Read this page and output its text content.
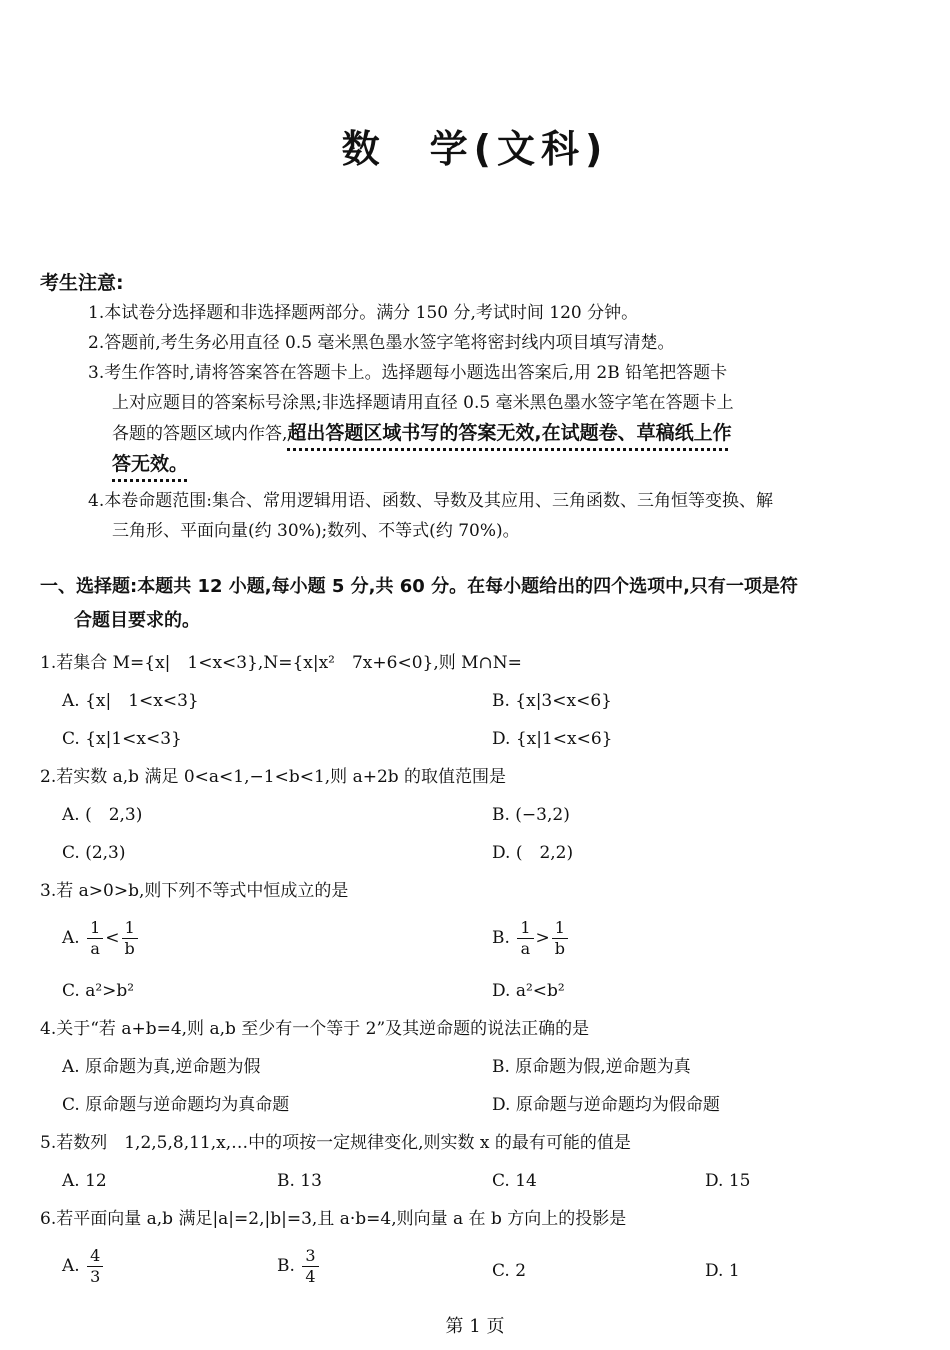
数　学(文科)
考生注意:
1.本试卷分选择题和非选择题两部分。满分 150 分,考试时间 120 分钟。
2.答题前,考生务必用直径 0.5 毫米黑色墨水签字笔将密封线内项目填写清楚。
3.考生作答时,请将答案答在答题卡上。选择题每小题选出答案后,用 2B 铅笔把答题卡
上对应题目的答案标号涂黑;非选择题请用直径 0.5 毫米黑色墨水签字笔在答题卡上
各题的答题区域内作答,超出答题区域书写的答案无效,在试题卷、草稿纸上作
答无效。
4.本卷命题范围:集合、常用逻辑用语、函数、导数及其应用、三角函数、三角恒等变换、解
三角形、平面向量(约 30%);数列、不等式(约 70%)。
一、选择题:本题共 12 小题,每小题 5 分,共 60 分。在每小题给出的四个选项中,只有一项是符
合题目要求的。
1.若集合 M={x|　1<x<3},N={x|x²　7x+6<0},则 M∩N=
A. {x|　1<x<3}	B. {x|3<x<6}
C. {x|1<x<3}	D. {x|1<x<6}
2.若实数 a,b 满足 0<a<1,−1<b<1,则 a+2b 的取值范围是
A. (　2,3)	B. (−3,2)
C. (2,3)	D. (　2,2)
3.若 a>0>b,则下列不等式中恒成立的是
A. $\frac{1}{a} < \frac{1}{b}$	B. $\frac{1}{a} > \frac{1}{b}$
C. a²>b²	D. a²<b²
4.关于“若 a+b=4,则 a,b 至少有一个等于 2”及其逆命题的说法正确的是
A. 原命题为真,逆命题为假	B. 原命题为假,逆命题为真
C. 原命题与逆命题均为真命题	D. 原命题与逆命题均为假命题
5.若数列　1,2,5,8,11,x,…中的项按一定规律变化,则实数 x 的最有可能的值是
A. 12	B. 13	C. 14	D. 15
6.若平面向量 a,b 满足|a|=2,|b|=3,且 a·b=4,则向量 a 在 b 方向上的投影是
A. $\frac{4}{3}$	B. $\frac{3}{4}$	C. 2	D. 1
第 1 页
